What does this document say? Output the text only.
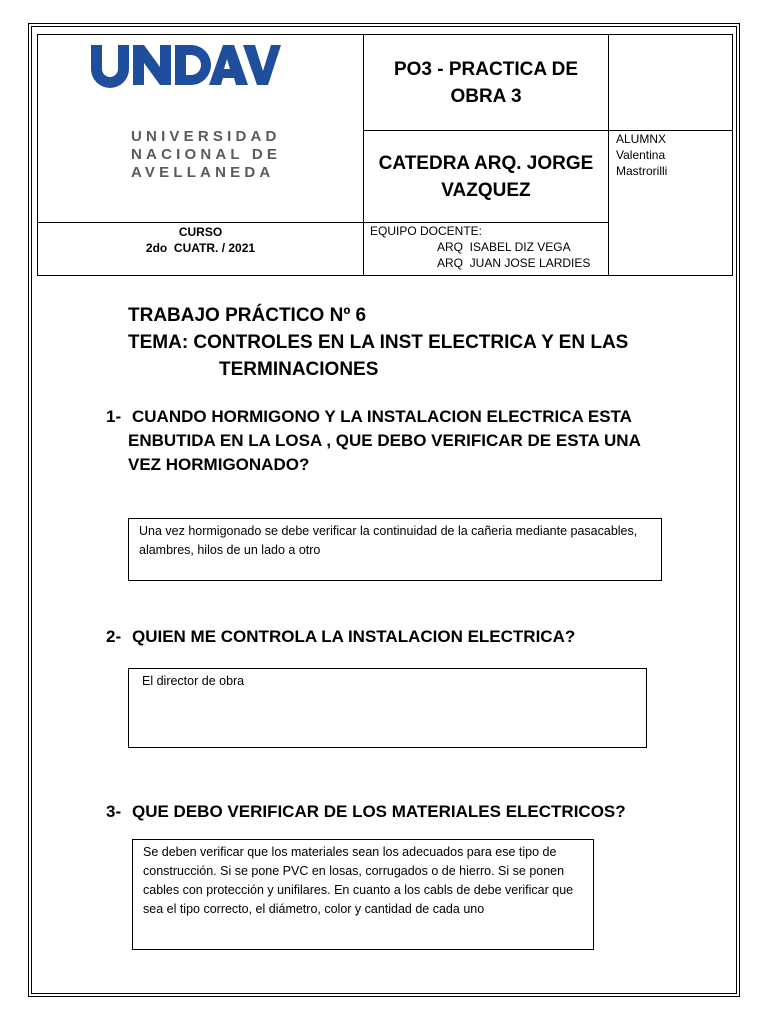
UNIVERSIDAD
NACIONAL DE
AVELLANEDA
PO3 - PRACTICA DE
OBRA 3
CATEDRA ARQ. JORGE
VAZQUEZ
ALUMNX
Valentina
Mastrorilli
CURSO
2do  CUATR. / 2021
EQUIPO DOCENTE:
ARQ  ISABEL DIZ VEGA
ARQ  JUAN JOSE LARDIES
TRABAJO PRÁCTICO Nº 6
TEMA: CONTROLES EN LA INST ELECTRICA Y EN LAS
TERMINACIONES
1- CUANDO HORMIGONO Y LA INSTALACION ELECTRICA ESTA
ENBUTIDA EN LA LOSA , QUE DEBO VERIFICAR DE ESTA UNA
VEZ HORMIGONADO?
Una vez hormigonado se debe verificar la continuidad de la cañeria mediante pasacables, alambres, hilos de un lado a otro
2- QUIEN ME CONTROLA LA INSTALACION ELECTRICA?
El director de obra
3- QUE DEBO VERIFICAR DE LOS MATERIALES ELECTRICOS?
Se deben verificar que los materiales sean los adecuados para ese tipo de construcción. Si se pone PVC en losas, corrugados o de hierro. Si se ponen cables con protección y unifilares. En cuanto a los cabls de debe verificar que sea el tipo correcto, el diámetro, color y cantidad de cada uno
